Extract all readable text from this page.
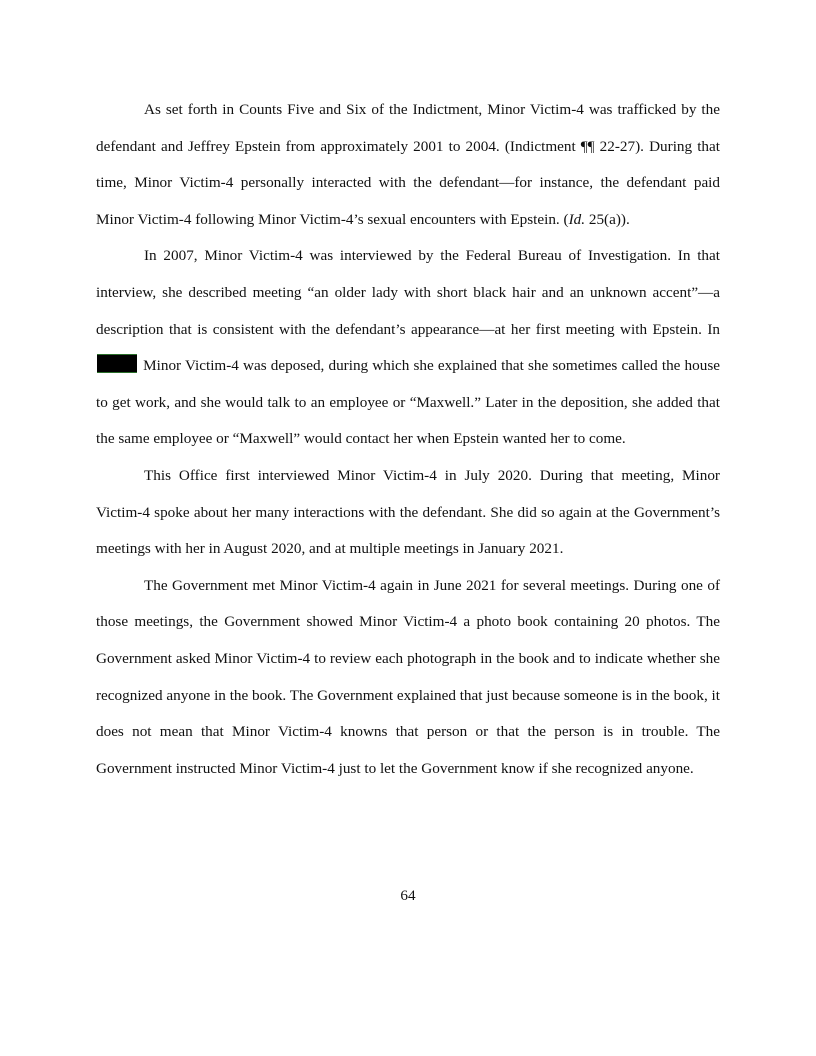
As set forth in Counts Five and Six of the Indictment, Minor Victim-4 was trafficked by the defendant and Jeffrey Epstein from approximately 2001 to 2004. (Indictment ¶¶ 22-27). During that time, Minor Victim-4 personally interacted with the defendant—for instance, the defendant paid Minor Victim-4 following Minor Victim-4’s sexual encounters with Epstein. (Id. 25(a)).

In 2007, Minor Victim-4 was interviewed by the Federal Bureau of Investigation. In that interview, she described meeting “an older lady with short black hair and an unknown accent”—a description that is consistent with the defendant’s appearance—at her first meeting with Epstein. In Minor Victim-4 was deposed, during which she explained that she sometimes called the house to get work, and she would talk to an employee or “Maxwell.” Later in the deposition, she added that the same employee or “Maxwell” would contact her when Epstein wanted her to come.

This Office first interviewed Minor Victim-4 in July 2020. During that meeting, Minor Victim-4 spoke about her many interactions with the defendant. She did so again at the Government’s meetings with her in August 2020, and at multiple meetings in January 2021.

The Government met Minor Victim-4 again in June 2021 for several meetings. During one of those meetings, the Government showed Minor Victim-4 a photo book containing 20 photos. The Government asked Minor Victim-4 to review each photograph in the book and to indicate whether she recognized anyone in the book. The Government explained that just because someone is in the book, it does not mean that Minor Victim-4 knowns that person or that the person is in trouble. The Government instructed Minor Victim-4 just to let the Government know if she recognized anyone.

64
